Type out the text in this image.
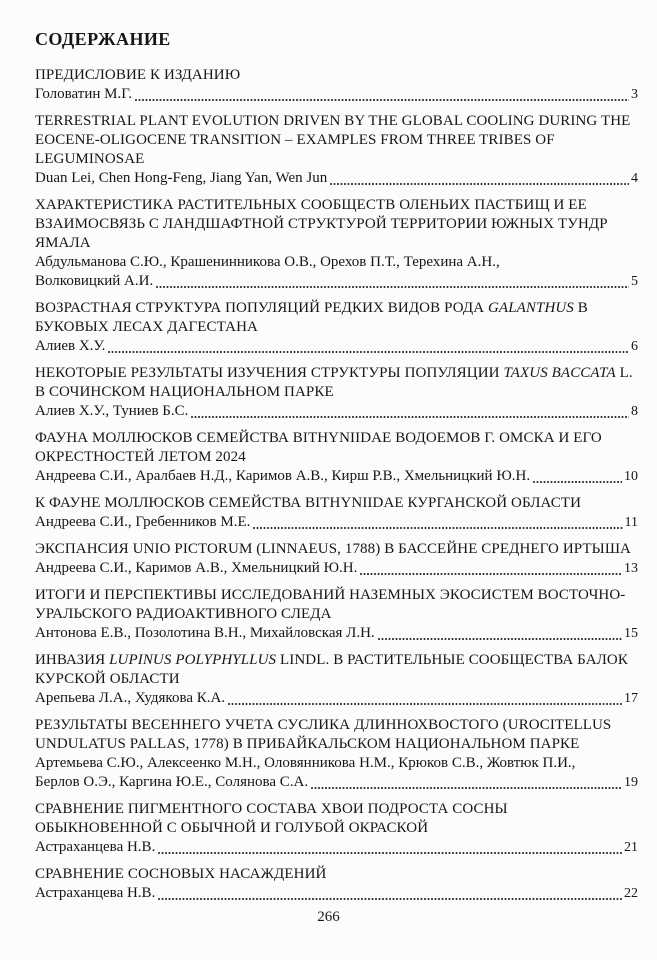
СОДЕРЖАНИЕ
ПРЕДИСЛОВИЕ К ИЗДАНИЮ
Головатин М.Г.	3
TERRESTRIAL PLANT EVOLUTION DRIVEN BY THE GLOBAL COOLING DURING THE
EOCENE-OLIGOCENE TRANSITION – EXAMPLES FROM THREE TRIBES OF
LEGUMINOSAE
Duan Lei, Chen Hong-Feng, Jiang Yan, Wen Jun	4
ХАРАКТЕРИСТИКА РАСТИТЕЛЬНЫХ СООБЩЕСТВ ОЛЕНЬИХ ПАСТБИЩ И ЕЕ
ВЗАИМОСВЯЗЬ С ЛАНДШАФТНОЙ СТРУКТУРОЙ ТЕРРИТОРИИ ЮЖНЫХ ТУНДР
ЯМАЛА
Абдульманова С.Ю., Крашенинникова О.В., Орехов П.Т., Терехина А.Н.,
Волковицкий А.И.	5
ВОЗРАСТНАЯ СТРУКТУРА ПОПУЛЯЦИЙ РЕДКИХ ВИДОВ РОДА GALANTHUS В
БУКОВЫХ ЛЕСАХ ДАГЕСТАНА
Алиев Х.У.	6
НЕКОТОРЫЕ РЕЗУЛЬТАТЫ ИЗУЧЕНИЯ СТРУКТУРЫ ПОПУЛЯЦИИ TAXUS BACCATA L.
В СОЧИНСКОМ НАЦИОНАЛЬНОМ ПАРКЕ
Алиев Х.У., Туниев Б.С.	8
ФАУНА МОЛЛЮСКОВ СЕМЕЙСТВА BITHYNIIDAE ВОДОЕМОВ Г. ОМСКА И ЕГО
ОКРЕСТНОСТЕЙ ЛЕТОМ 2024
Андреева С.И., Аралбаев Н.Д., Каримов А.В., Кирш Р.В., Хмельницкий Ю.Н.	10
К ФАУНЕ МОЛЛЮСКОВ СЕМЕЙСТВА BITHYNIIDAE КУРГАНСКОЙ ОБЛАСТИ
Андреева С.И., Гребенников М.Е.	11
ЭКСПАНСИЯ UNIO PICTORUM (LINNAEUS, 1788) В БАССЕЙНЕ СРЕДНЕГО ИРТЫША
Андреева С.И., Каримов А.В., Хмельницкий Ю.Н.	13
ИТОГИ И ПЕРСПЕКТИВЫ ИССЛЕДОВАНИЙ НАЗЕМНЫХ ЭКОСИСТЕМ ВОСТОЧНО-
УРАЛЬСКОГО РАДИОАКТИВНОГО СЛЕДА
Антонова Е.В., Позолотина В.Н., Михайловская Л.Н.	15
ИНВАЗИЯ LUPINUS POLYPHYLLUS LINDL. В РАСТИТЕЛЬНЫЕ СООБЩЕСТВА БАЛОК
КУРСКОЙ ОБЛАСТИ
Арепьева Л.А., Худякова К.А.	17
РЕЗУЛЬТАТЫ ВЕСЕННЕГО УЧЕТА СУСЛИКА ДЛИННОХВОСТОГО (UROCITELLUS
UNDULATUS PALLAS, 1778) В ПРИБАЙКАЛЬСКОМ НАЦИОНАЛЬНОМ ПАРКЕ
Артемьева С.Ю., Алексеенко М.Н., Оловянникова Н.М., Крюков С.В., Жовтюк П.И.,
Берлов О.Э., Каргина Ю.Е., Солянова С.А.	19
СРАВНЕНИЕ ПИГМЕНТНОГО СОСТАВА ХВОИ ПОДРОСТА СОСНЫ
ОБЫКНОВЕННОЙ С ОБЫЧНОЙ И ГОЛУБОЙ ОКРАСКОЙ
Астраханцева Н.В.	21
СРАВНЕНИЕ СОСНОВЫХ НАСАЖДЕНИЙ
Астраханцева Н.В.	22
266
